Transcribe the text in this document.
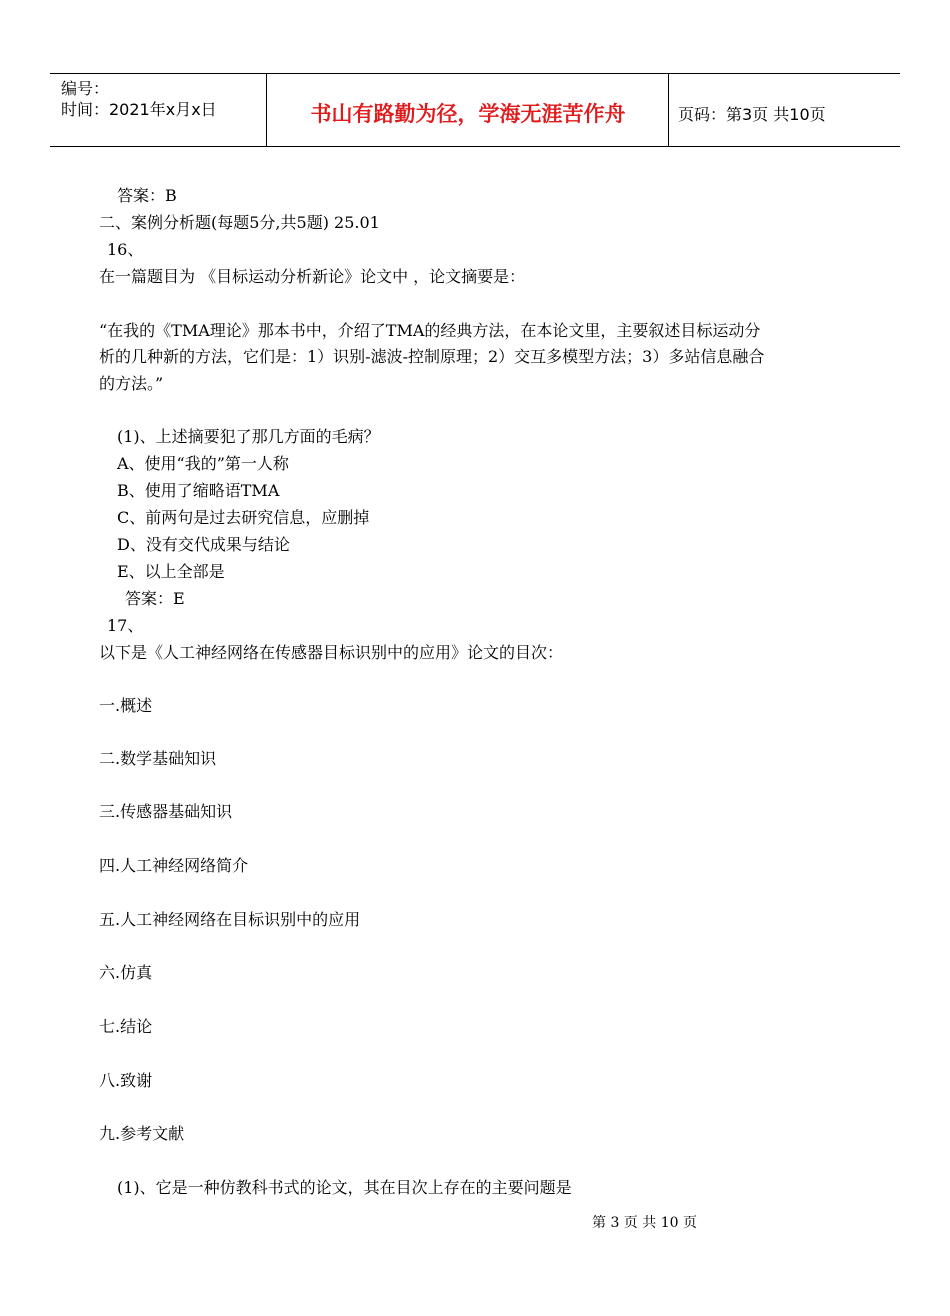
编号：
时间：2021年x月x日	书山有路勤为径，学海无涯苦作舟	页码：第3页 共10页
答案：B
二、案例分析题(每题5分,共5题) 25.01
16、
在一篇题目为 《目标运动分析新论》论文中 ，论文摘要是：
“在我的《TMA理论》那本书中，介绍了TMA的经典方法，在本论文里，主要叙述目标运动分
析的几种新的方法，它们是：1）识别-滤波-控制原理；2）交互多模型方法；3）多站信息融合
的方法。”
(1)、上述摘要犯了那几方面的毛病？
A、使用“我的”第一人称
B、使用了缩略语TMA
C、前两句是过去研究信息，应删掉
D、没有交代成果与结论
E、以上全部是
答案：E
17、
以下是《人工神经网络在传感器目标识别中的应用》论文的目次：
一.概述
二.数学基础知识
三.传感器基础知识
四.人工神经网络简介
五.人工神经网络在目标识别中的应用
六.仿真
七.结论
八.致谢
九.参考文献
(1)、它是一种仿教科书式的论文，其在目次上存在的主要问题是
第 3 页 共 10 页
